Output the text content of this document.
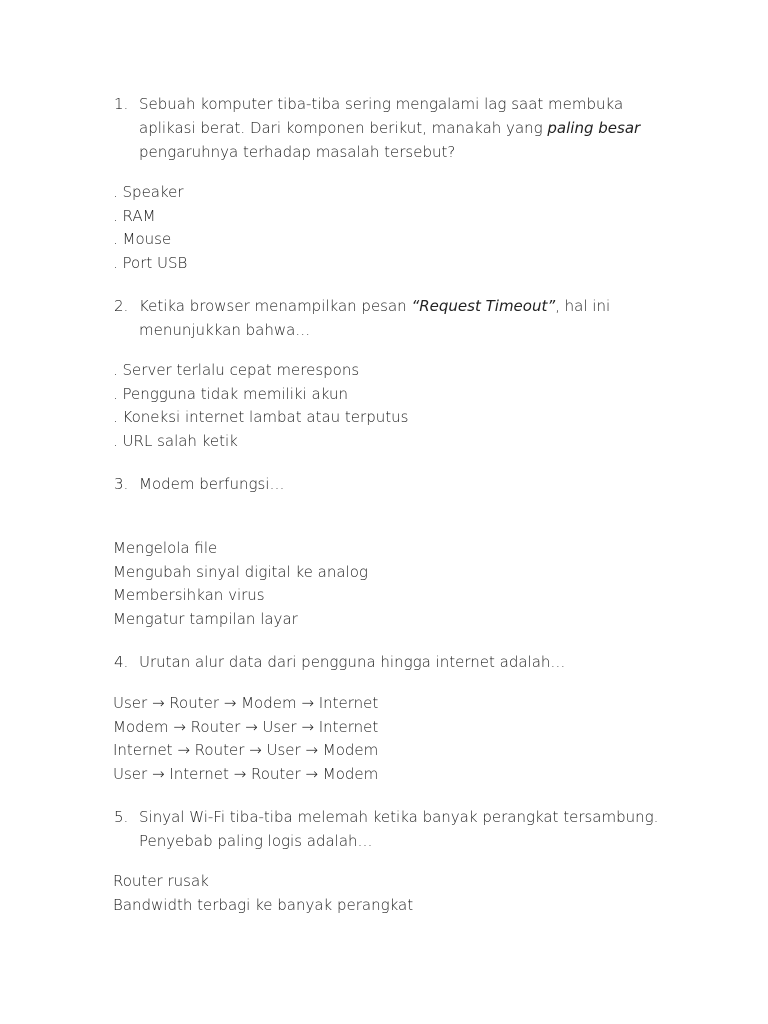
1. Sebuah komputer tiba-tiba sering mengalami lag saat membuka aplikasi berat. Dari komponen berikut, manakah yang paling besar pengaruhnya terhadap masalah tersebut?
. Speaker
. RAM
. Mouse
. Port USB
2. Ketika browser menampilkan pesan “Request Timeout”, hal ini menunjukkan bahwa…
. Server terlalu cepat merespons
. Pengguna tidak memiliki akun
. Koneksi internet lambat atau terputus
. URL salah ketik
3. Modem berfungsi…
Mengelola file
Mengubah sinyal digital ke analog
Membersihkan virus
Mengatur tampilan layar
4. Urutan alur data dari pengguna hingga internet adalah…
User → Router → Modem → Internet
Modem → Router → User → Internet
Internet → Router → User → Modem
User → Internet → Router → Modem
5. Sinyal Wi-Fi tiba-tiba melemah ketika banyak perangkat tersambung. Penyebab paling logis adalah…
Router rusak
Bandwidth terbagi ke banyak perangkat
